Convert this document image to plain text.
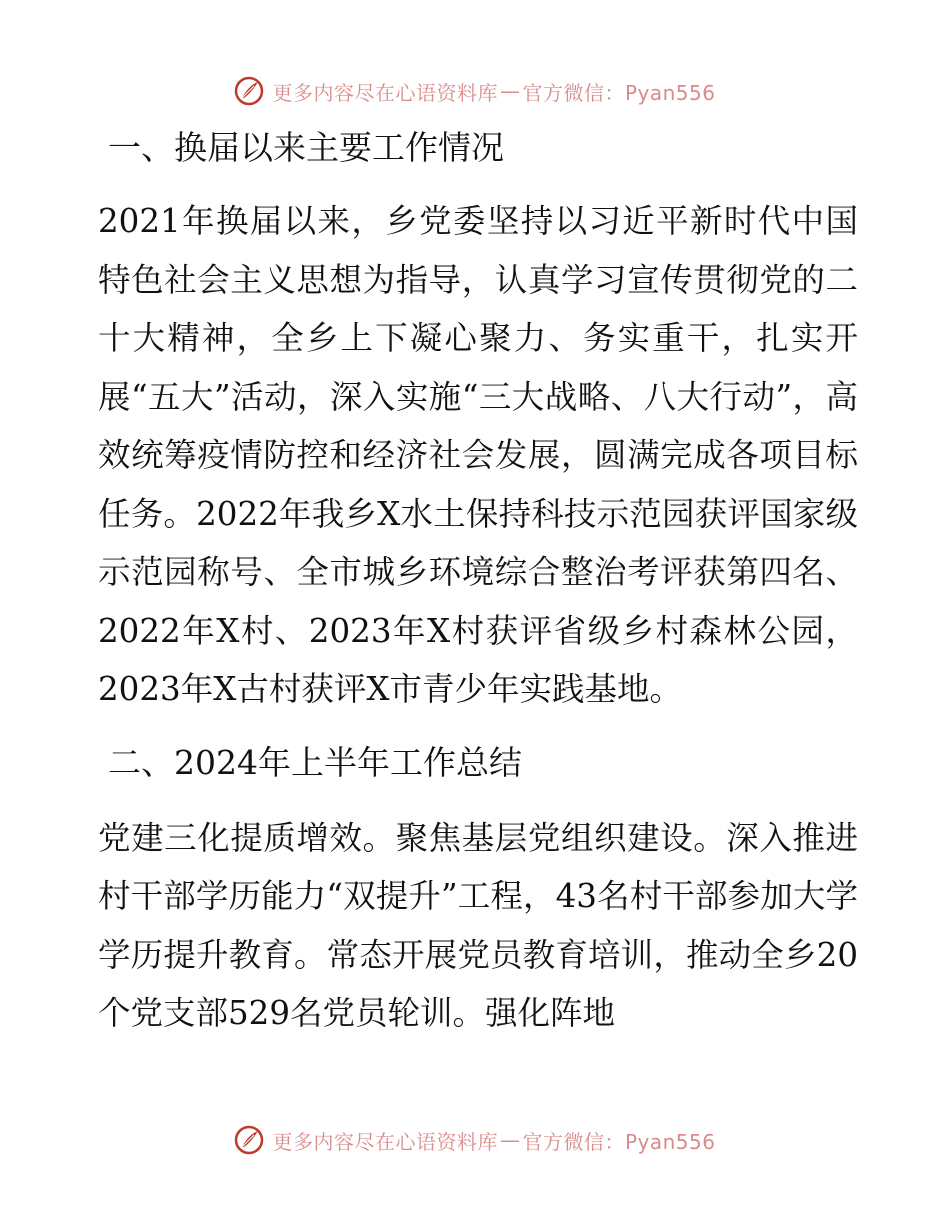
更多内容尽在心语资料库 — 官方微信：Pyan556
一、换届以来主要工作情况

2021年换届以来，乡党委坚持以习近平新时代中国特色社会主义思想为指导，认真学习宣传贯彻党的二十大精神，全乡上下凝心聚力、务实重干，扎实开展“五大”活动，深入实施“三大战略、八大行动”，高效统筹疫情防控和经济社会发展，圆满完成各项目标任务。2022年我乡X水土保持科技示范园获评国家级示范园称号、全市城乡环境综合整治考评获第四名、2022年X村、2023年X村获评省级乡村森林公园，2023年X古村获评X市青少年实践基地。

二、2024年上半年工作总结

党建三化提质增效。聚焦基层党组织建设。深入推进村干部学历能力“双提升”工程，43名村干部参加大学学历提升教育。常态开展党员教育培训，推动全乡20个党支部529名党员轮训。强化阵地

更多内容尽在心语资料库 — 官方微信：Pyan556
